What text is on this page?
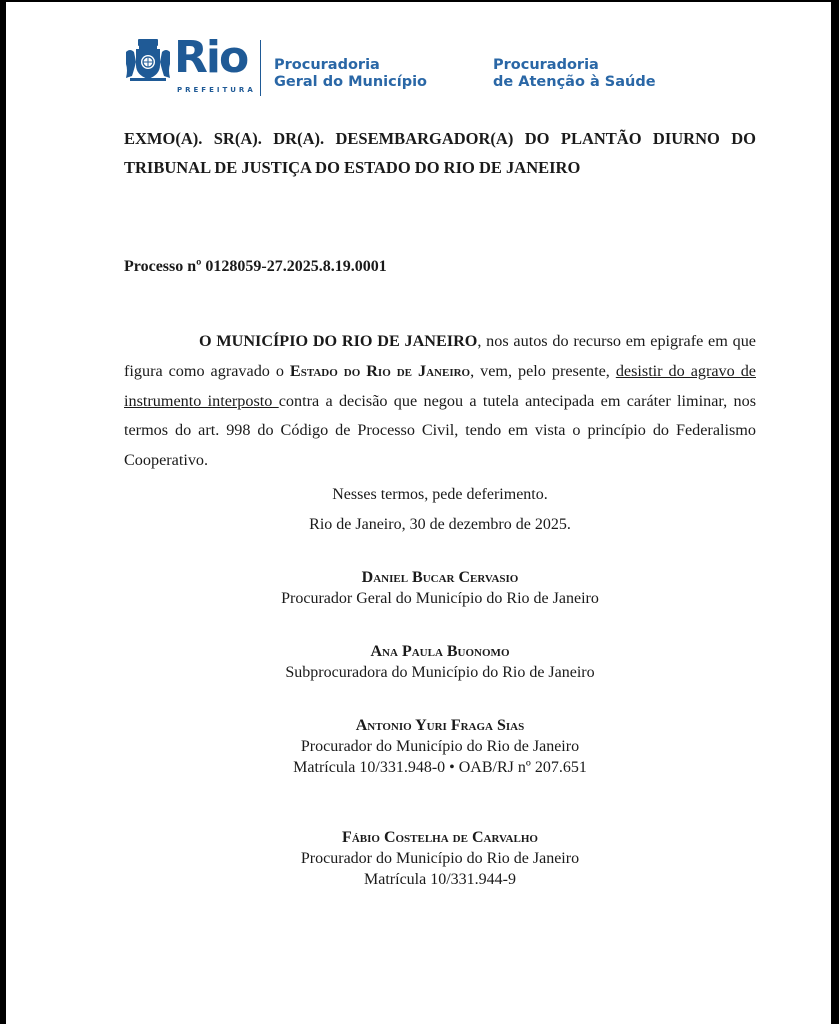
Rio
PREFEITURA
Procuradoria
Geral do Município
Procuradoria
de Atenção à Saúde
EXMO(A). SR(A). DR(A). DESEMBARGADOR(A) DO PLANTÃO DIURNO DO
TRIBUNAL DE JUSTIÇA DO ESTADO DO RIO DE JANEIRO
Processo nº 0128059-27.2025.8.19.0001
O MUNICÍPIO DO RIO DE JANEIRO, nos autos do recurso em epigrafe em que figura como agravado o Estado do Rio de Janeiro, vem, pelo presente, desistir do agravo de instrumento interposto contra a decisão que negou a tutela antecipada em caráter liminar, nos termos do art. 998 do Código de Processo Civil, tendo em vista o princípio do Federalismo Cooperativo.
Nesses termos, pede deferimento.
Rio de Janeiro, 30 de dezembro de 2025.
Daniel Bucar Cervasio
Procurador Geral do Município do Rio de Janeiro
Ana Paula Buonomo
Subprocuradora do Município do Rio de Janeiro
Antonio Yuri Fraga Sias
Procurador do Município do Rio de Janeiro
Matrícula 10/331.948-0 • OAB/RJ nº 207.651
Fábio Costelha de Carvalho
Procurador do Município do Rio de Janeiro
Matrícula 10/331.944-9
